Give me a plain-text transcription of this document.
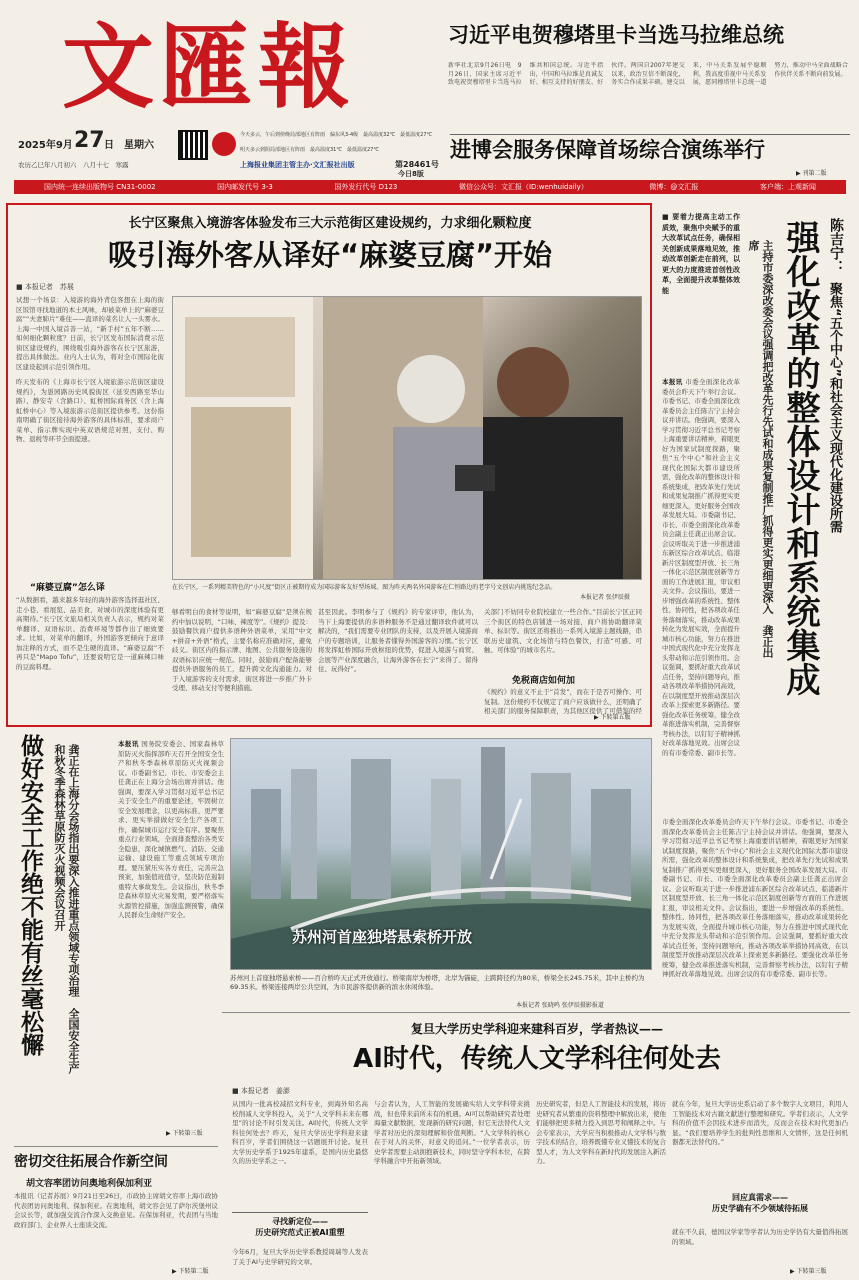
文匯報
2025年9月 27 日　星期六
农历乙巳年八月初六　八月十七　寒露
今天多云，午后到傍晚局部地区有阵雨　偏东风3-4级　最高温度32℃　最低温度27℃
明天多云到阴局部地区有阵雨　最高温度31℃　最低温度27℃
上海报业集团主管主办·文汇报社出版	第28461号
今日8版
习近平电贺穆塔里卡当选马拉维总统
新华社北京9月26日电　9月26日，国家主席习近平致电祝贺穆塔里卡当选马拉维共和国总统。习近平指出，中国和马拉维是真诚友好、相互支持的好朋友、好伙伴。两国自2007年建交以来，政治互信不断深化，务实合作成果丰硕。建交以来，中马关系发展平稳顺利，我高度重视中马关系发展，愿同穆塔里卡总统一道努力，推动中马全面战略合作伙伴关系不断向前发展。
进博会服务保障首场综合演练举行
▶ 刊第二版
国内统一连续出版物号 CN31-0002	国内邮发代号 3-3	国外发行代号 D123	微信公众号：文汇报（ID:wenhuidaily）	微博：@文汇报	客户端：上观新闻
长宁区聚焦入境游客体验发布三大示范街区建设规约，力求细化颗粒度
吸引海外客从译好“麻婆豆腐”开始
■ 本报记者　苏展
试想一个场景：入境游的海外背包客想在上海的街区饭馆寻找地道的本土风味，却被菜单上的“麻婆豆腐”“夫妻肺片”难住——直译的菜名让人一头雾水。上海一中国入境首善一站，“新手村”五年不断……如何细化颗粒度？日前，长宁区发布国际消费示范街区建设规约，围绕吸引海外游客在长宁区旅游，提出具体做法。业内人士认为，将对全市国际化街区建设起到示范引领作用。
昨天发布的《上海市长宁区入境旅游示范街区建设规约》，为愚园路历史风貌街区（延安西路至华山路）、静安寺（含路口）、虹桥国际商务区（含上海虹桥中心）等入境旅游示范街区提供参考。这份指南明确了街区接待海外游客的具体标准，要求商户菜单、指示牌实现中英双语规范对照，支付、购物、退税等环节全面提速。
“麻婆豆腐”怎么译
“从数据看，越来越多年轻的海外游客选择逛社区、走小巷、看展览、品美食，对城市的深度体验有更高期待。”长宁区文旅局相关负责人表示，规约对菜单翻译、双语标识、消费环境等都作出了细致要求。比如，对菜单的翻译，外国游客更倾向于意译加注释的方式，而不是生硬的直译。“麻婆豆腐”不再只是“Mapo Tofu”，还要说明它是一道麻辣口味的豆腐料理。
在长宁区，一系列精美特色的“小尺度”街区正被期待成为国际游客友好型场域。图为昨天两名外国游客在仁恒路边的老字号文创店内挑选纪念品。
本报记者 张伊辰摄
够看明白的食材等说明，如“麻婆豆腐”是须在规约中加以说明，“口味、辣度等”。《规约》提及：鼓励餐饮商户提供多语种外语菜单，采用“中文+拼音+外语”格式，主要名称应准确对应，避免歧义。街区内的指示牌、地图、公共服务设施的双语标识应统一规范。同时，鼓励商户配备能够提供外语服务的员工，提升跨文化沟通能力。对于入境游客的支付需求，街区将进一步推广外卡受理、移动支付等便利措施。
甚至因此。李明参与了《规约》的专家评审，他认为，当下上海要提供的多语种服务不是通过翻译软件就可以解决的，“我们需要专业团队的支持，以及开展入境游商户的专题培训，让服务者懂得外国游客的习惯。”长宁区将发挥虹桥国际开放枢纽的优势，促进入境游与商贸、会展等产业深度融合，让海外游客在长宁“来得了、留得住、玩得好”。
关部门不妨同专业院校建立一些合作。”目前长宁区正同三个街区的特色店铺进一场对接，商户将协助翻译菜单、标识等。街区还将推出一系列入境游主题线路，串联历史建筑、文化场馆与特色餐饮，打造“可感、可触、可体验”的城市名片。
免税商店如何加
《规约》的意义不止于“首发”，而在于是否可操作、可复制。这份规约不仅规定了商户应该做什么，还明确了相关部门的服务保障职责，为其他区提供了可借鉴的经
▶ 下转第五版
■ 要着力提高主动工作质效，聚焦中央赋予的重大改革试点任务，确保相关创新成果落地见效，推动改革创新走在前列，以更大的力度推进首创性改革，全面提升改革整体效能
陈吉宁：
聚焦“五个中心”和社会主义现代化建设所需
强化改革的整体设计和系统集成
主持市委深改委会议强调把改革先行先试和成果复制推广抓得更实更细更深入　龚正出席
本报讯 市委全面深化改革委员会昨天下午举行会议。市委书记、市委全面深化改革委员会主任陈吉宁主持会议并讲话。他强调，要深入学习贯彻习近平总书记考察上海重要讲话精神，着眼更好为国家试制度探路，聚焦“五个中心”和社会主义现代化国际大都市建设所需，强化改革的整体设计和系统集成，把改革先行先试和成果复制推广抓得更实更细更深入，更好服务全国改革发展大局。市委副书记、市长、市委全面深化改革委员会副主任龚正出席会议。会议听取关于进一步推进浦东新区综合改革试点、临港新片区制度型开放、长三角一体化示范区制度创新等方面的工作进展汇报，审议相关文件。会议指出，要进一步增强改革的系统性、整体性、协同性，把各项改革任务落细落实，推动改革成果转化为发展实效，全面提升城市核心功能，努力在推进中国式现代化中充分发挥龙头带动和示范引领作用。会议强调，要抓好重大改革试点任务，坚持问题导向，推动各项改革举措协同高效，在以制度型开放推动深层次改革上探索更多新路径。要强化改革任务统筹，健全改革推进落实机制，完善督察考核办法，以钉钉子精神抓好改革落地见效。出席会议的有市委常委、副市长等。
市委全面深化改革委员会昨天下午举行会议。市委书记、市委全面深化改革委员会主任陈吉宁主持会议并讲话。他强调，要深入学习贯彻习近平总书记考察上海重要讲话精神，着眼更好为国家试制度探路，聚焦“五个中心”和社会主义现代化国际大都市建设所需，强化改革的整体设计和系统集成，把改革先行先试和成果复制推广抓得更实更细更深入，更好服务全国改革发展大局。市委副书记、市长、市委全面深化改革委员会副主任龚正出席会议。会议听取关于进一步推进浦东新区综合改革试点、临港新片区制度型开放、长三角一体化示范区制度创新等方面的工作进展汇报，审议相关文件。会议指出，要进一步增强改革的系统性、整体性、协同性，把各项改革任务落细落实，推动改革成果转化为发展实效，全面提升城市核心功能，努力在推进中国式现代化中充分发挥龙头带动和示范引领作用。会议强调，要抓好重大改革试点任务，坚持问题导向，推动各项改革举措协同高效，在以制度型开放推动深层次改革上探索更多新路径。要强化改革任务统筹，健全改革推进落实机制，完善督察考核办法，以钉钉子精神抓好改革落地见效。出席会议的有市委常委、副市长等。
做好安全工作绝不能有丝毫松懈	龚正在上海分会场指出要深入推进重点领域专项治理　全国安全生产和秋冬季森林草原防灭火视频会议召开	本报讯 国务院安委会、国家森林草原防灭火指挥部昨天召开全国安全生产和秋冬季森林草原防灭火视频会议。市委副书记、市长、市安委会主任龚正在上海分会场出席并讲话。他强调，要深入学习贯彻习近平总书记关于安全生产的重要论述，牢固树立安全发展理念，以更高标准、更严要求、更实举措做好安全生产各项工作，确保城市运行安全有序。要聚焦重点行业领域，全面排查整治各类安全隐患，深化城镇燃气、消防、交通运输、建设施工等重点领域专项治理。要压紧压实各方责任，完善应急预案，加强值班值守，坚决防范遏制重特大事故发生。会议指出，秋冬季是森林草原火灾易发期，要严格落实火源管控措施，加强监测预警，确保人民群众生命财产安全。
▶ 下转第三版
苏州河首座独塔悬索桥开放
苏州河上首座独塔悬索桥——百合桥昨天正式开放通行。桥梁南岸为桥塔，北岸为锚碇，主跨跨径约为80米，桥梁全长245.75米，其中主桥约为69.35米。桥梁连接两岸公共空间，为市民游客提供新的滨水休闲体验。
本报记者 张晓鸣 张伊辰摄影报道
复旦大学历史学科迎来建科百岁，学者热议——
AI时代，传统人文学科往何处去
■ 本报记者　姜澎
从国内一批高校减招文科专业，到海外知名高校削减人文学科投入，关于“人文学科未来在哪里”的讨论不时引发关注。AI时代，传统人文学科往何处去？昨天，复旦大学历史学科迎来建科百岁，学者们围绕这一话题展开讨论。复旦大学历史学系于1925年建系，是国内历史最悠久的历史学系之一。
寻找新定位——
历史研究范式正被AI重塑
今年6月，复旦大学历史学系教授周瑞等人发表了关于AI与史学研究的文章。
与会者认为，人工智能的发展确实给人文学科带来挑战，但也带来前所未有的机遇。AI可以帮助研究者处理海量文献数据，发现新的研究问题，但它无法替代人文学者对历史的深刻理解和价值判断。“人文学科的核心在于对人的关怀，对意义的追问。”一位学者表示，历史学者需要主动拥抱新技术，同时坚守学科本位，在跨学科融合中开拓新领域。
历史研究者，但是人工智能技术的发展，将历史研究者从繁重的资料整理中解放出来，使他们能够把更多精力投入到思考和阐释之中。与会专家表示，大学应当积极推动人文学科与数字技术的结合，培养既懂专业又懂技术的复合型人才，为人文学科在新时代的发展注入新活力。
就在今年，复旦大学历史系启动了多个数字人文项目，利用人工智能技术对古籍文献进行整理和研究。学者们表示，人文学科的价值不会因技术进步而消失，反而会在技术时代更加凸显。“我们要培养学生的批判性思维和人文情怀，这是任何机器都无法替代的。”
回应真需求——
历史学确有不少领域待拓展
就在不久前，德国汉学家等学者认为历史学仍有大量值得拓展的领域。
▶ 下转第三版
密切交往拓展合作新空间
胡文容率团访问奥地利保加利亚
本报讯（记者苏展）9月21日至26日，市政协主席胡文容率上海市政协代表团访问奥地利、保加利亚。在奥地利，胡文容会见了萨尔茨堡州议会议长等，就加强交流合作深入交换意见。在保加利亚，代表团与当地政府部门、企业界人士座谈交流。
▶ 下转第二版
